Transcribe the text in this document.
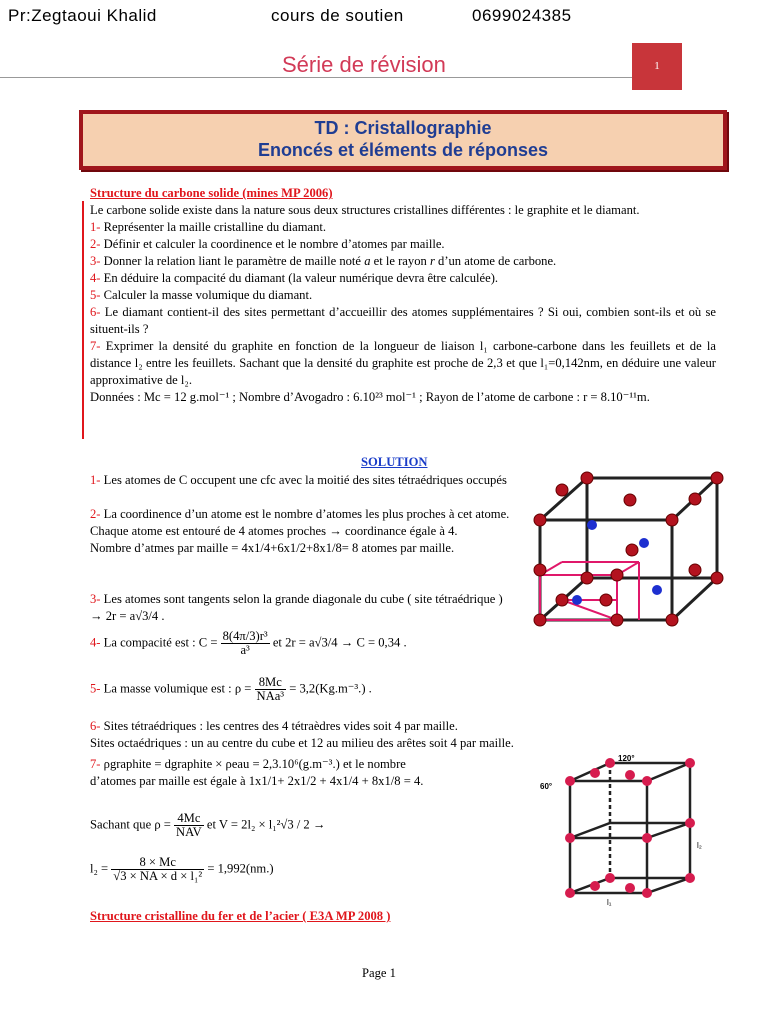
Pr:Zegtaoui Khalid	cours de soutien	0699024385
Série de révision	1
TD : Cristallographie
Enoncés et éléments de réponses
Structure du carbone solide (mines MP 2006)
Le carbone solide existe dans la nature sous deux structures cristallines différentes : le graphite et le diamant.
1- Représenter la maille cristalline du diamant.
2- Définir et calculer la coordinence et le nombre d’atomes par maille.
3- Donner la relation liant le paramètre de maille noté a et le rayon r d’un atome de carbone.
4- En déduire la compacité du diamant (la valeur numérique devra être calculée).
5- Calculer la masse volumique du diamant.
6- Le diamant contient-il des sites permettant d’accueillir des atomes supplémentaires ? Si oui, combien sont-ils et où se situent-ils ?
7- Exprimer la densité du graphite en fonction de la longueur de liaison l₁ carbone-carbone dans les feuillets et de la distance l₂ entre les feuillets. Sachant que la densité du graphite est proche de 2,3 et que l₁=0,142nm, en déduire une valeur approximative de l₂.
Données : Mc = 12 g.mol⁻¹ ; Nombre d’Avogadro : 6.10²³ mol⁻¹ ; Rayon de l’atome de carbone : r = 8.10⁻¹¹m.
SOLUTION
1- Les atomes de C occupent une cfc avec la moitié des sites tétraédriques occupés
2- La coordinence d’un atome est le nombre d’atomes les plus proches à cet atome. Chaque atome est entouré de 4 atomes proches → coordinance égale à 4.
Nombre d’atmes par maille = 4x1/4+6x1/2+8x1/8= 8 atomes par maille.
3- Les atomes sont tangents selon la grande diagonale du cube ( site tétraédrique ) → 2r = a√3/4 .
4- La compacité est : $C = \frac{\text{8(4π/3)r³}}{\text{a³}}$ et 2r = a√3/4 → C = 0,34 .
5- La masse volumique est : ρ = 8Mc
NAa³
= 3,2(Kg.m⁻³.) .
6- Sites tétraédriques : les centres des 4 tétraèdres vides soit 4 par maille.
Sites octaédriques : un au centre du cube et 12 au milieu des arêtes soit 4 par maille.
7- ρgraphite = dgraphite × ρeau = 2,3.10⁶(g.m⁻³.) et le nombre
d’atomes par maille est égale à 1x1/1+ 2x1/2 + 4x1/4 + 8x1/8 = 4.
Sachant que ρ = 4Mc
NAV
et V = 2l₂ × l₁²√3 / 2 →
$l_2 = \frac{8 \times Mc}{\text{√3 × NA × d × l₁²}} = 1,992(nm.)$
Structure cristalline du fer et de l’acier ( E3A MP 2008 )
120°
60°
l₂
l₁
Page 1
